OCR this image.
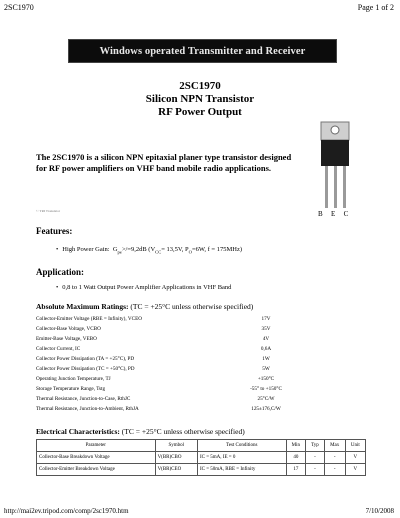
2SC1970	Page 1 of 2
Windows operated Transmitter and Receiver
2SC1970
Silicon NPN Transistor
RF Power Output
B E C
The 2SC1970 is a silicon NPN epitaxial planer type transistor designed for RF power amplifiers on VHF band mobile radio applications.
© TRI Transistor
Features:
• High Power Gain:  $G_{pe}>/=9,2dB$ ($V_{CC}= 13,5V$, $P_O=6W$, f = 175MHz)
Application:
• 0,8 to 1 Watt Output Power Amplifier Applications in VHF Band
Absolute Maximum Ratings: (TC = +25°C unless otherwise specified)
Collector-Emitter Voltage (RBE = Infinity), VCEO	17V
Collector-Base Voltage, VCBO	35V
Emitter-Base Voltage, VEBO	4V
Collector Current, IC	0,6A
Collector Power Dissipation (TA = +25°C), PD	1W
Collector Power Dissipation (TC = +50°C), PD	5W
Operating Junction Temperature, TJ	+150°C
Storage Temperature Range, Tstg	-55° to +150°C
Thermal Resistance, Junction-to-Case, RthJC	25°C/W
Thermal Resistance, Junction-to-Ambient, RthJA	125±176,C/W
Electrical Characteristics: (TC = +25°C unless otherwise specified)
Parameter	Symbol	Test Conditions	Min	Typ	Max	Unit
Collector-Base Breakdown Voltage	V(BR)CBO	IC = 5mA, IE = 0	40	-	-	V
Collector-Emitter Breakdown Voltage	V(BR)CEO	IC = 50mA, RBE = Infinity	17	-	-	V
http://mai2ev.tripod.com/comp/2sc1970.htm	7/10/2008
